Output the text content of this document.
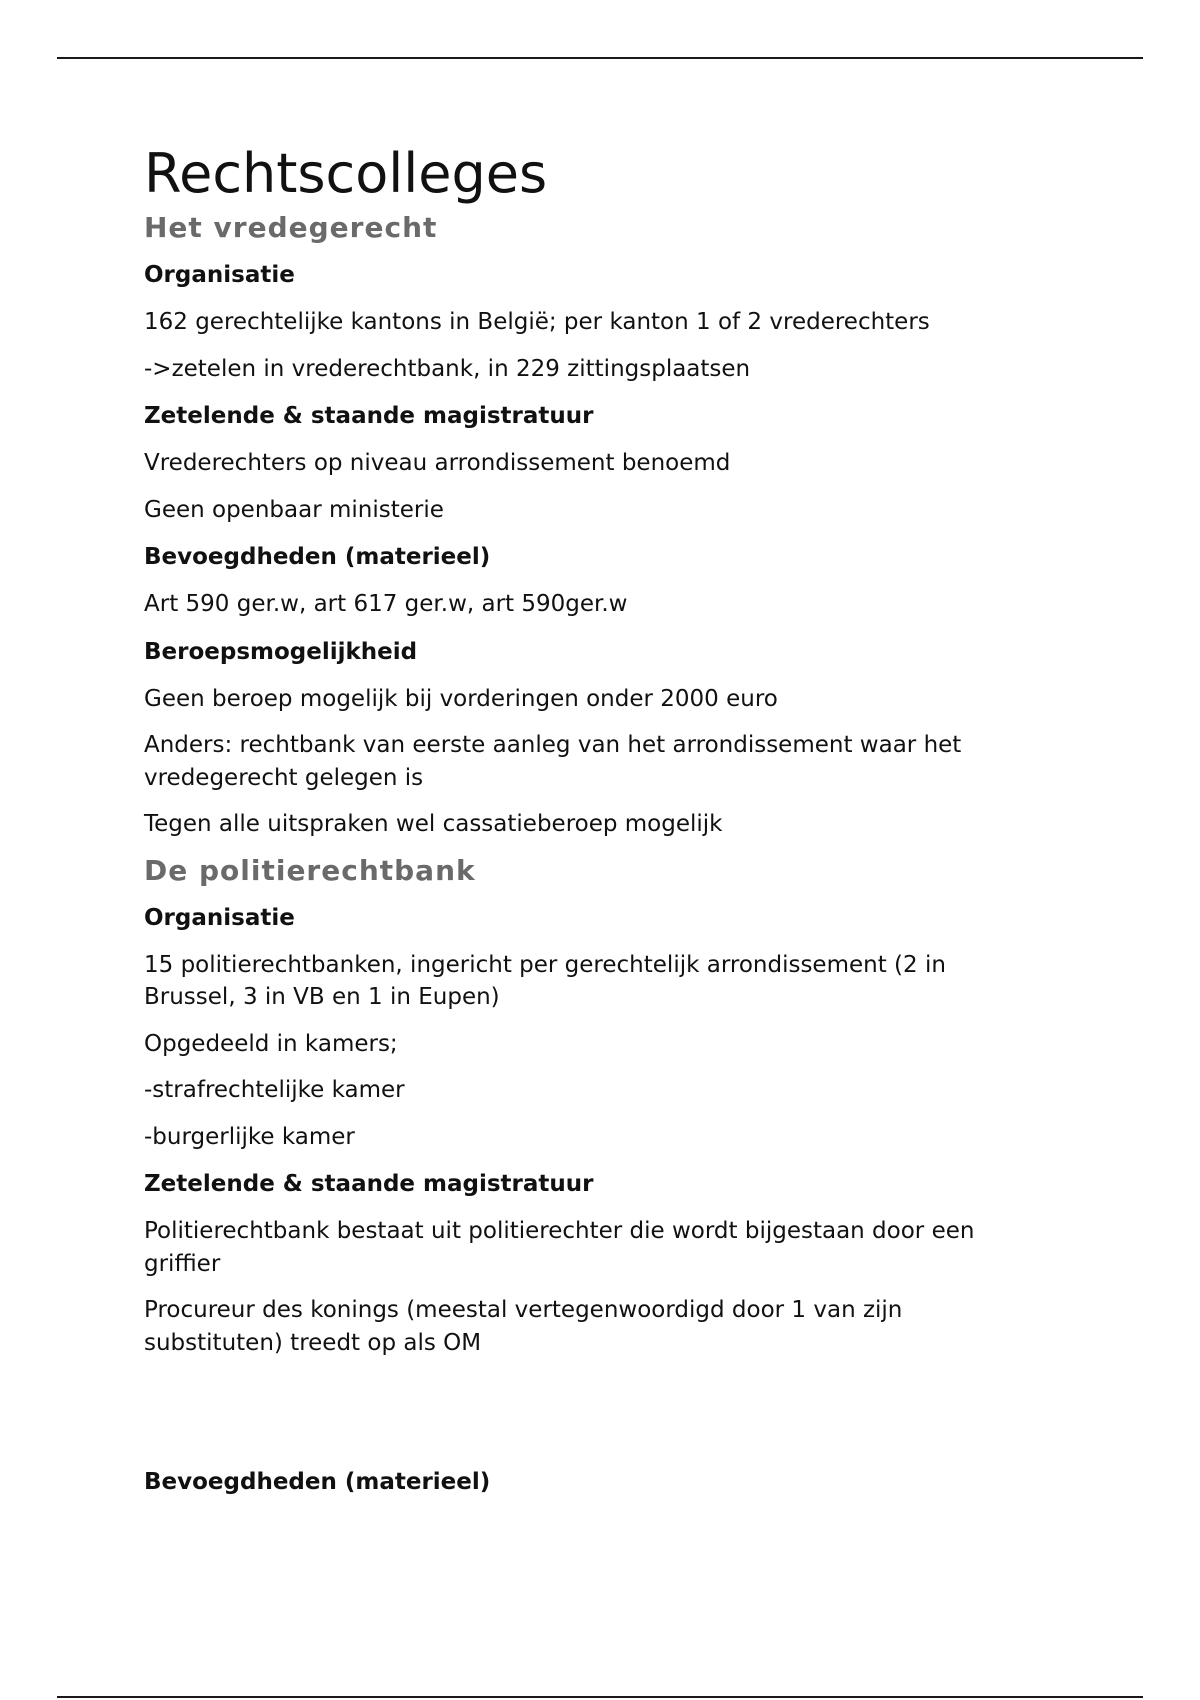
Rechtscolleges
Het vredegerecht
Organisatie

162 gerechtelijke kantons in België; per kanton 1 of 2 vrederechters

->zetelen in vrederechtbank, in 229 zittingsplaatsen

Zetelende & staande magistratuur

Vrederechters op niveau arrondissement benoemd

Geen openbaar ministerie

Bevoegdheden (materieel)

Art 590 ger.w, art 617 ger.w, art 590ger.w

Beroepsmogelijkheid

Geen beroep mogelijk bij vorderingen onder 2000 euro

Anders: rechtbank van eerste aanleg van het arrondissement waar het vredegerecht gelegen is

Tegen alle uitspraken wel cassatieberoep mogelijk

De politierechtbank
Organisatie

15 politierechtbanken, ingericht per gerechtelijk arrondissement (2 in Brussel, 3 in VB en 1 in Eupen)

Opgedeeld in kamers;

-strafrechtelijke kamer

-burgerlijke kamer

Zetelende & staande magistratuur

Politierechtbank bestaat uit politierechter die wordt bijgestaan door een griffier

Procureur des konings (meestal vertegenwoordigd door 1 van zijn substituten) treedt op als OM

Bevoegdheden (materieel)
